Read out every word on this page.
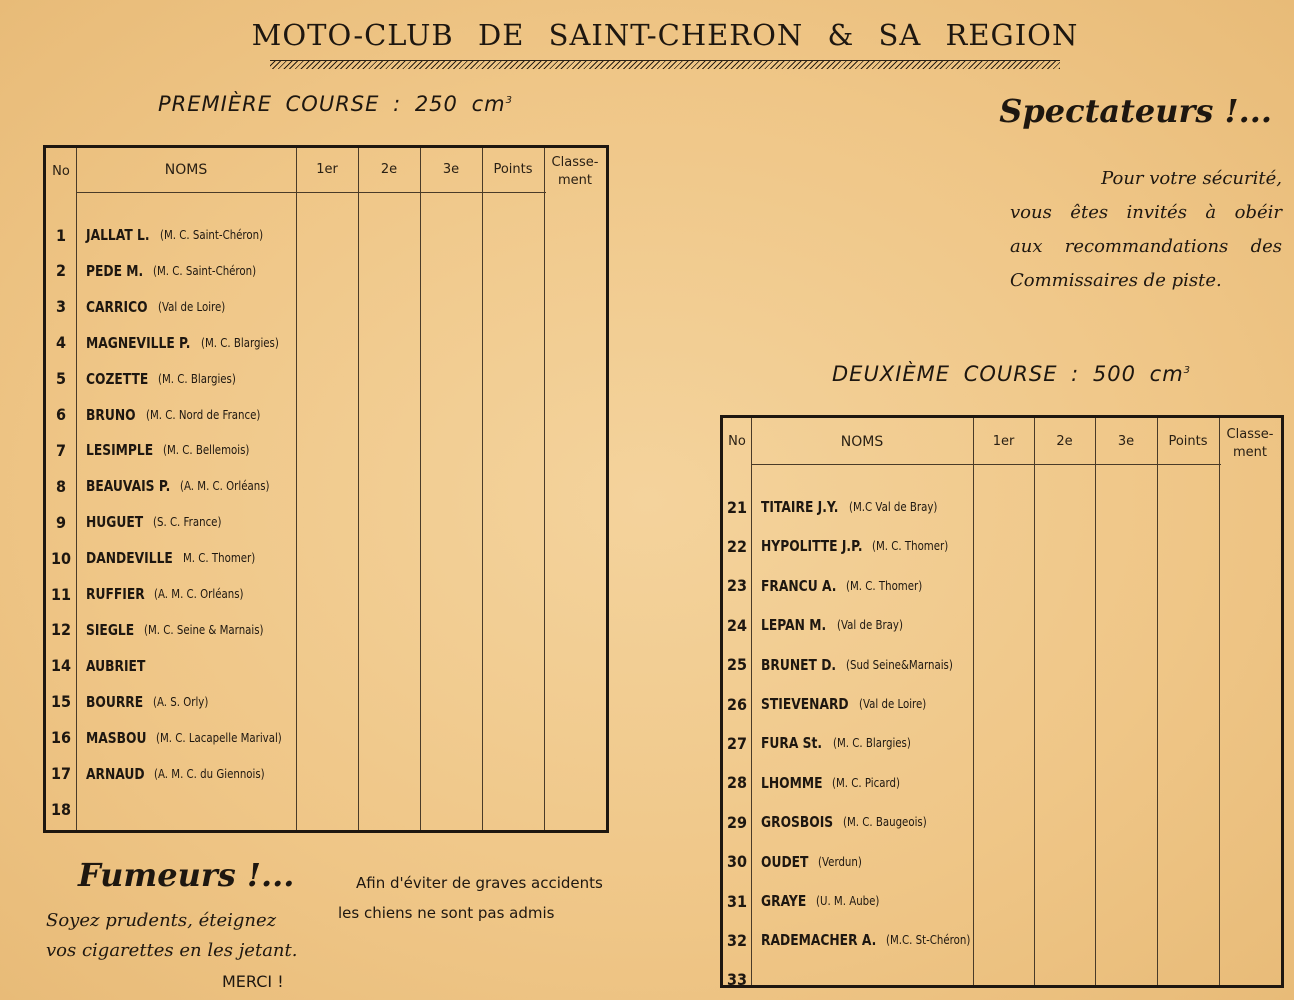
MOTO-CLUB DE SAINT-CHERON & SA REGION
PREMIÈRE COURSE : 250 $cm^3$
No	NOMS	1er	2e	3e	Points	Classe-
ment
1	JALLAT L. (M. C. Saint-Chéron)
2	PEDE M. (M. C. Saint-Chéron)
3	CARRICO (Val de Loire)
4	MAGNEVILLE P. (M. C. Blargies)
5	COZETTE (M. C. Blargies)
6	BRUNO (M. C. Nord de France)
7	LESIMPLE (M. C. Bellemois)
8	BEAUVAIS P. (A. M. C. Orléans)
9	HUGUET (S. C. France)
10 DANDEVILLE M. C. Thomer)
11 RUFFIER (A. M. C. Orléans)
12 SIEGLE (M. C. Seine & Marnais)
14 AUBRIET
15 BOURRE (A. S. Orly)
16 MASBOU (M. C. Lacapelle Marival)
17 ARNAUD (A. M. C. du Giennois)
18
Spectateurs !...
Pour votre sécurité,
vous êtes invités à obéir
aux recommandations des
Commissaires de piste.
DEUXIÈME COURSE : 500 $cm^3$
No	NOMS	1er	2e	3e	Points	Classe-
ment
21 TITAIRE J.Y. (M.C Val de Bray)
22 HYPOLITTE J.P. (M. C. Thomer)
23 FRANCU A. (M. C. Thomer)
24 LEPAN M. (Val de Bray)
25 BRUNET D. (Sud Seine&Marnais)
26 STIEVENARD (Val de Loire)
27 FURA St. (M. C. Blargies)
28 LHOMME (M. C. Picard)
29 GROSBOIS (M. C. Baugeois)
30 OUDET (Verdun)
31 GRAYE (U. M. Aube)
32 RADEMACHER A. (M.C. St-Chéron)
33
Fumeurs !...
Soyez prudents, éteignez
vos cigarettes en les jetant.
MERCI !
Afin d'éviter de graves accidents
les chiens ne sont pas admis
